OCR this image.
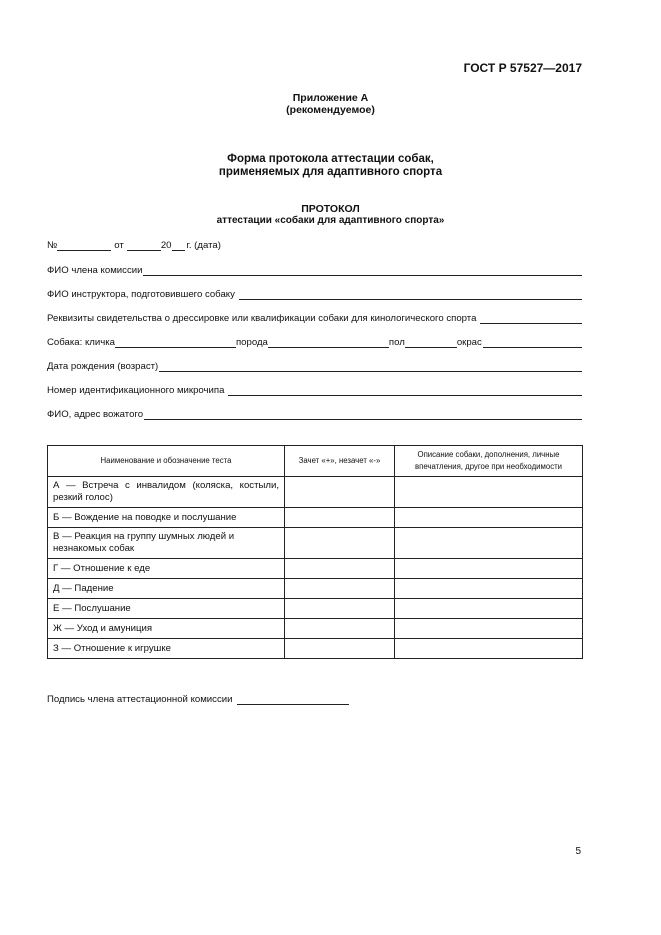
ГОСТ Р 57527—2017
Приложение А
(рекомендуемое)
Форма протокола аттестации собак,
применяемых для адаптивного спорта
ПРОТОКОЛ
аттестации «собаки для адаптивного спорта»
№	от	20 г. (дата)
ФИО члена комиссии
ФИО инструктора, подготовившего собаку
Реквизиты свидетельства о дрессировке или квалификации собаки для кинологического спорта
Собака: кличка	порода	пол	окрас
Дата рождения (возраст)
Номер идентификационного микрочипа
ФИО, адрес вожатого
Наименование и обозначение теста	Зачет «+», незачет «-»	Описание собаки, дополнения, личные впечатления, другое при необходимости
А — Встреча с инвалидом (коляска, костыли, резкий голос)		
Б — Вождение на поводке и послушание		
В — Реакция на группу шумных людей и незнакомых собак		
Г — Отношение к еде		
Д — Падение		
Е — Послушание		
Ж — Уход и амуниция		
З — Отношение к игрушке		
Подпись члена аттестационной комиссии
5
